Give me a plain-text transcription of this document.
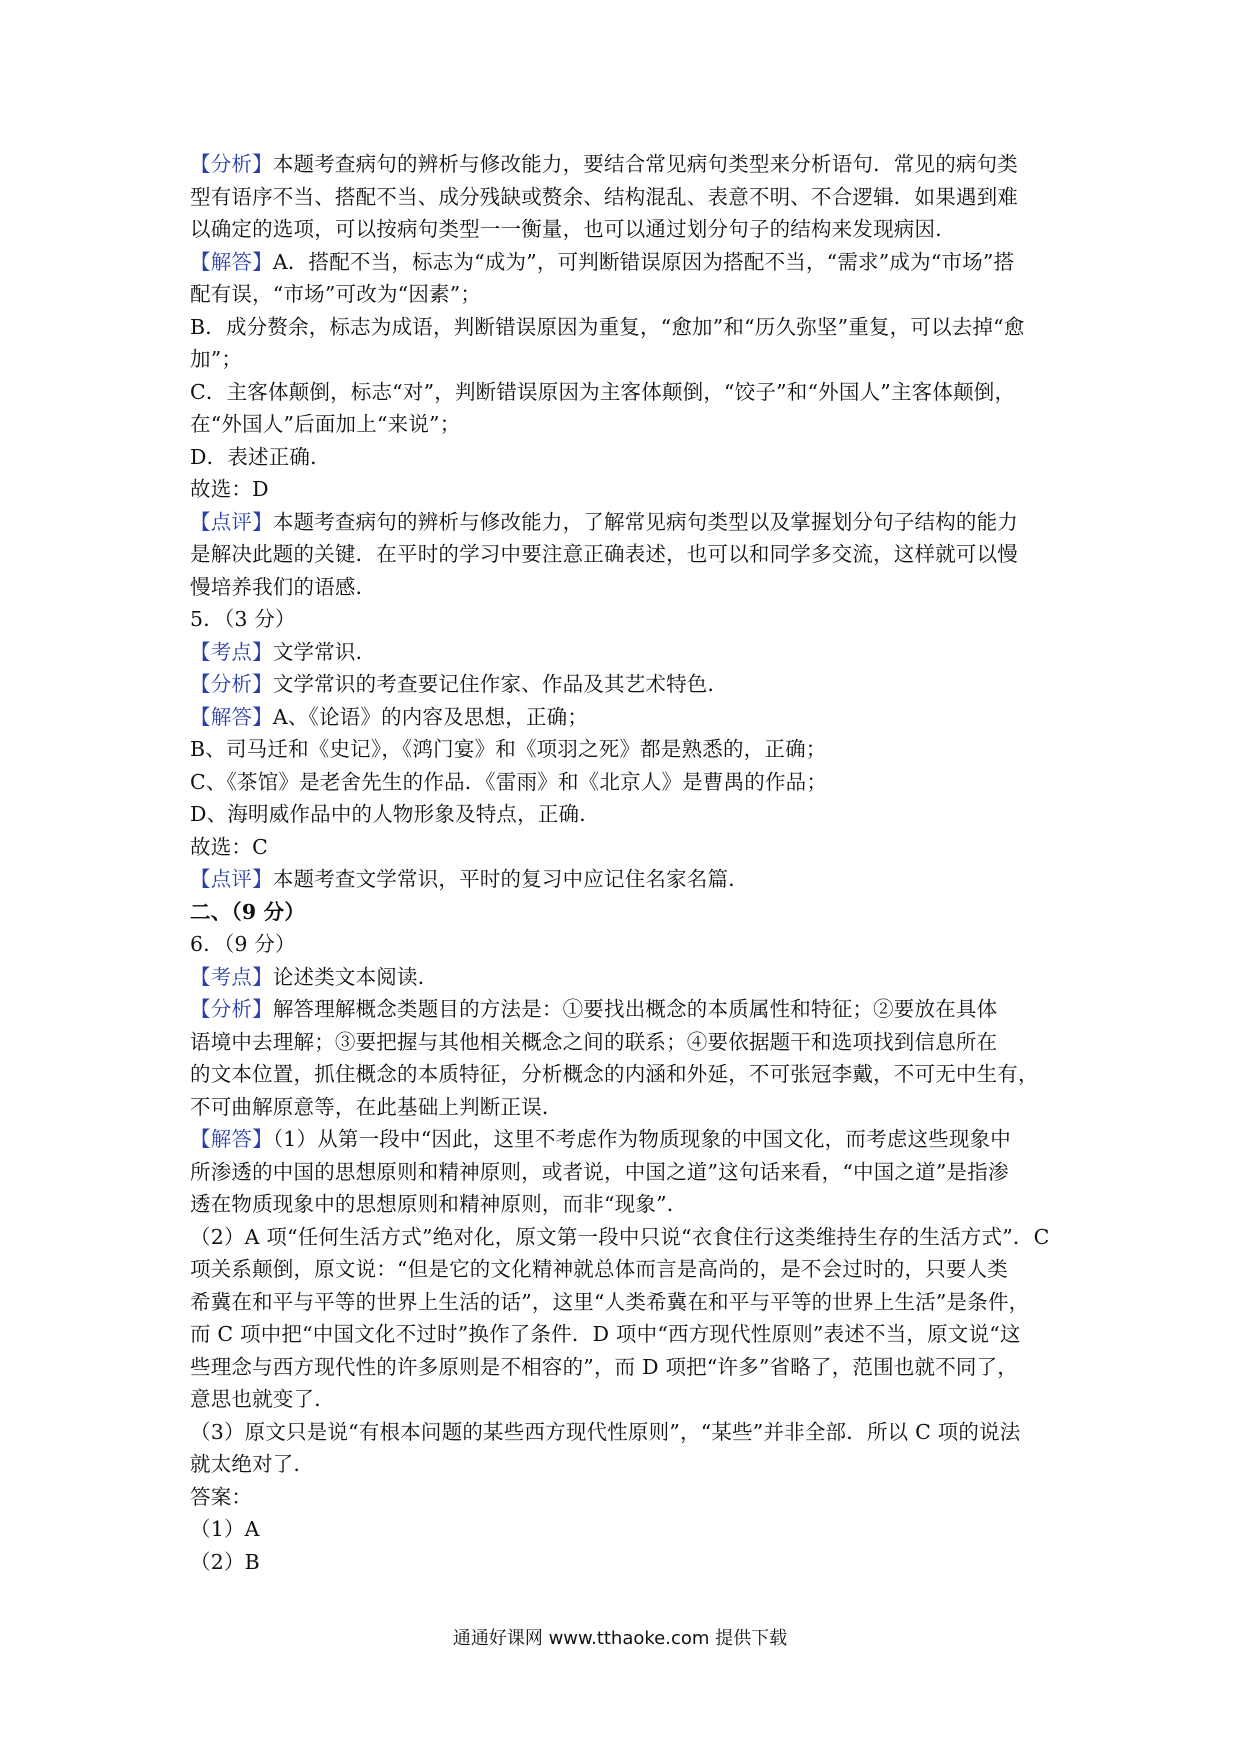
【分析】本题考查病句的辨析与修改能力，要结合常见病句类型来分析语句．常见的病句类
型有语序不当、搭配不当、成分残缺或赘余、结构混乱、表意不明、不合逻辑．如果遇到难
以确定的选项，可以按病句类型一一衡量，也可以通过划分句子的结构来发现病因．
【解答】A．搭配不当，标志为“成为”，可判断错误原因为搭配不当，“需求”成为“市场”搭
配有误，“市场”可改为“因素”；
B．成分赘余，标志为成语，判断错误原因为重复，“愈加”和“历久弥坚”重复，可以去掉“愈
加”；
C．主客体颠倒，标志“对”，判断错误原因为主客体颠倒，“饺子”和“外国人”主客体颠倒，
在“外国人”后面加上“来说”；
D．表述正确．
故选：D
【点评】本题考查病句的辨析与修改能力，了解常见病句类型以及掌握划分句子结构的能力
是解决此题的关键．在平时的学习中要注意正确表述，也可以和同学多交流，这样就可以慢
慢培养我们的语感．
5．（3 分）
【考点】文学常识．
【分析】文学常识的考查要记住作家、作品及其艺术特色．
【解答】A、《论语》的内容及思想，正确；
B、司马迁和《史记》，《鸿门宴》和《项羽之死》都是熟悉的，正确；
C、《茶馆》是老舍先生的作品．《雷雨》和《北京人》是曹禺的作品；
D、海明威作品中的人物形象及特点，正确．
故选：C
【点评】本题考查文学常识，平时的复习中应记住名家名篇．
二、（9 分）
6．（9 分）
【考点】论述类文本阅读．
【分析】解答理解概念类题目的方法是：①要找出概念的本质属性和特征；②要放在具体
语境中去理解；③要把握与其他相关概念之间的联系；④要依据题干和选项找到信息所在
的文本位置，抓住概念的本质特征，分析概念的内涵和外延，不可张冠李戴，不可无中生有，
不可曲解原意等，在此基础上判断正误．
【解答】（1）从第一段中“因此，这里不考虑作为物质现象的中国文化，而考虑这些现象中
所渗透的中国的思想原则和精神原则，或者说，中国之道”这句话来看，“中国之道”是指渗
透在物质现象中的思想原则和精神原则，而非“现象”．
（2）A 项“任何生活方式”绝对化，原文第一段中只说“衣食住行这类维持生存的生活方式”．C
项关系颠倒，原文说：“但是它的文化精神就总体而言是高尚的，是不会过时的，只要人类
希冀在和平与平等的世界上生活的话”，这里“人类希冀在和平与平等的世界上生活”是条件，
而 C 项中把“中国文化不过时”换作了条件．D 项中“西方现代性原则”表述不当，原文说“这
些理念与西方现代性的许多原则是不相容的”，而 D 项把“许多”省略了，范围也就不同了，
意思也就变了．
（3）原文只是说“有根本问题的某些西方现代性原则”，“某些”并非全部．所以 C 项的说法
就太绝对了．
答案：
（1）A
（2）B
通通好课网 www.tthaoke.com 提供下载
